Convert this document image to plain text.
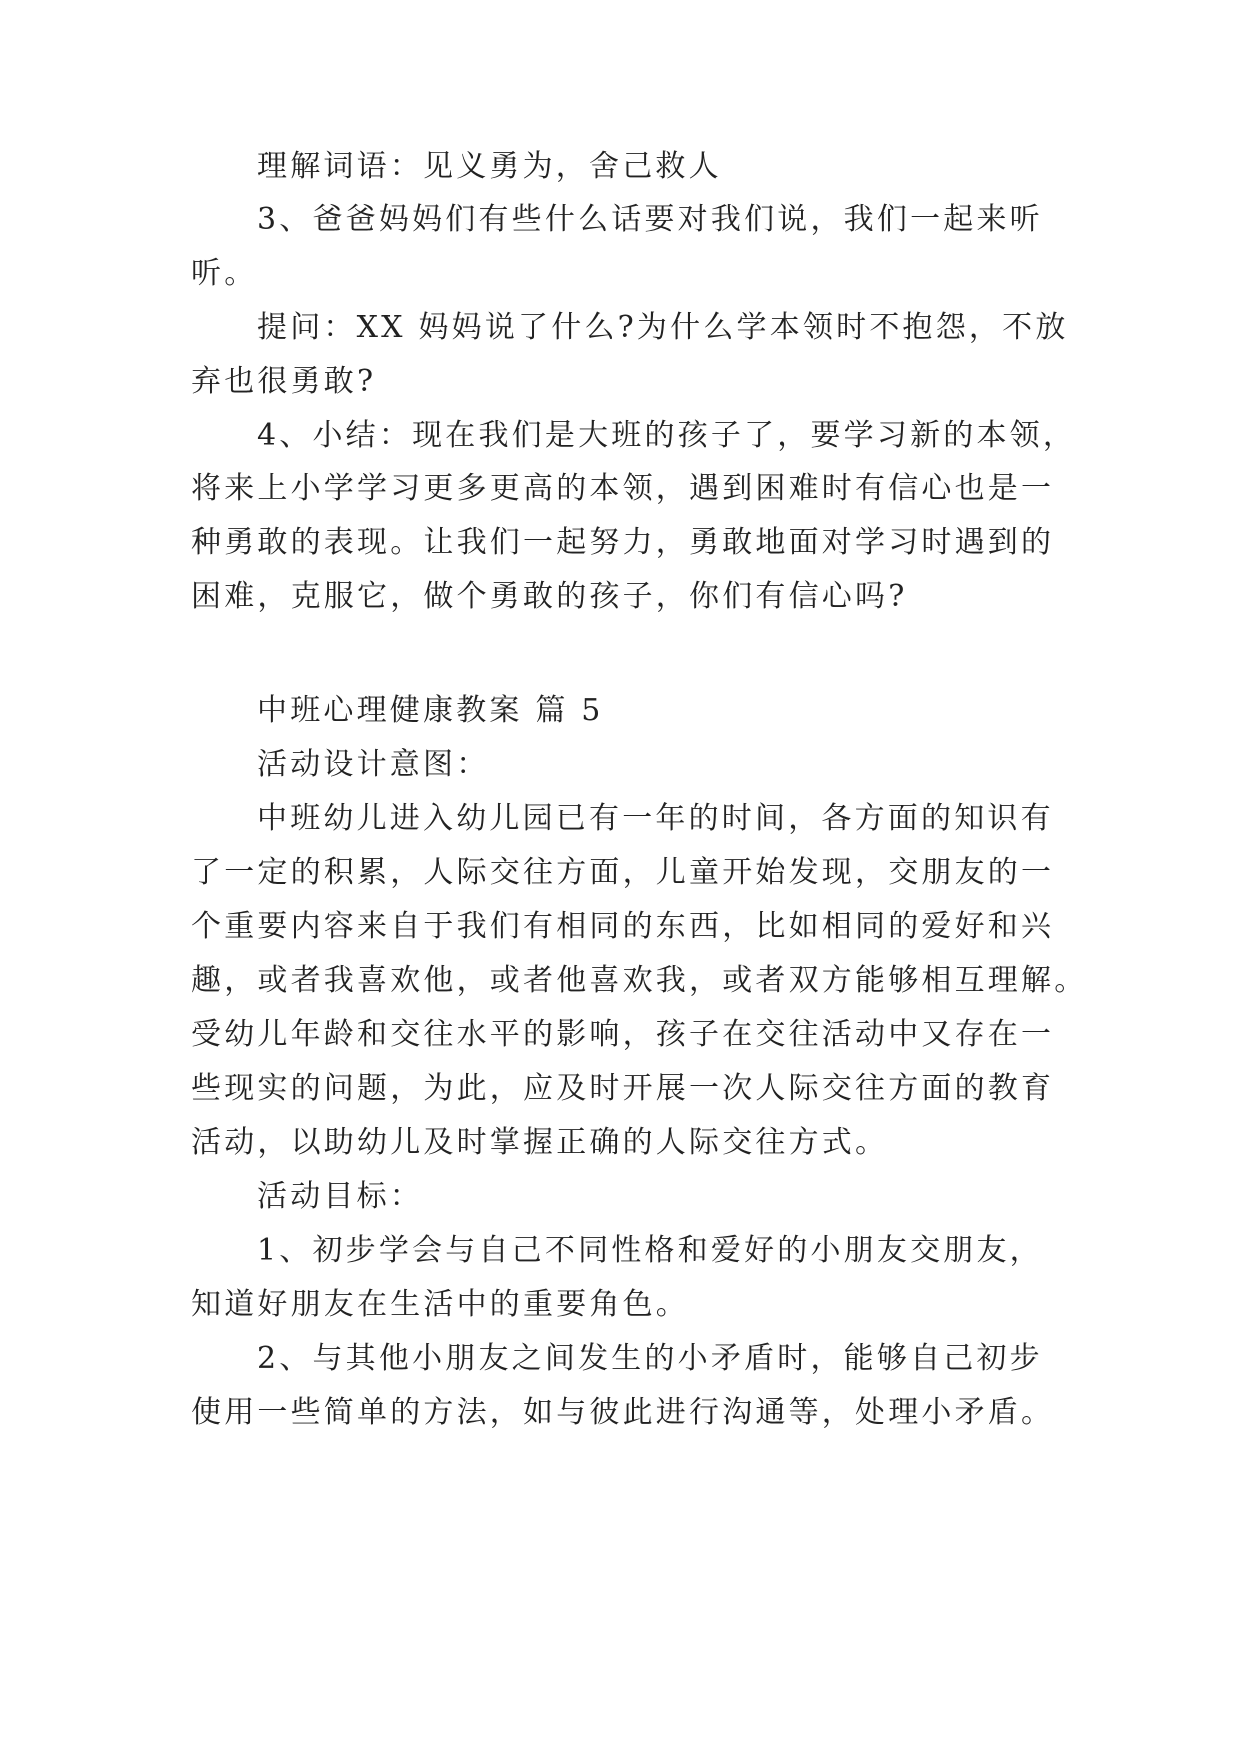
理解词语：见义勇为，舍己救人
3、爸爸妈妈们有些什么话要对我们说，我们一起来听
听。
提问：XX 妈妈说了什么?为什么学本领时不抱怨，不放
弃也很勇敢?
4、小结：现在我们是大班的孩子了，要学习新的本领，
将来上小学学习更多更高的本领，遇到困难时有信心也是一
种勇敢的表现。让我们一起努力，勇敢地面对学习时遇到的
困难，克服它，做个勇敢的孩子，你们有信心吗?
中班心理健康教案 篇 5
活动设计意图：
中班幼儿进入幼儿园已有一年的时间，各方面的知识有
了一定的积累，人际交往方面，儿童开始发现，交朋友的一
个重要内容来自于我们有相同的东西，比如相同的爱好和兴
趣，或者我喜欢他，或者他喜欢我，或者双方能够相互理解。
受幼儿年龄和交往水平的影响，孩子在交往活动中又存在一
些现实的问题，为此，应及时开展一次人际交往方面的教育
活动，以助幼儿及时掌握正确的人际交往方式。
活动目标：
1、初步学会与自己不同性格和爱好的小朋友交朋友，
知道好朋友在生活中的重要角色。
2、与其他小朋友之间发生的小矛盾时，能够自己初步
使用一些简单的方法，如与彼此进行沟通等，处理小矛盾。
